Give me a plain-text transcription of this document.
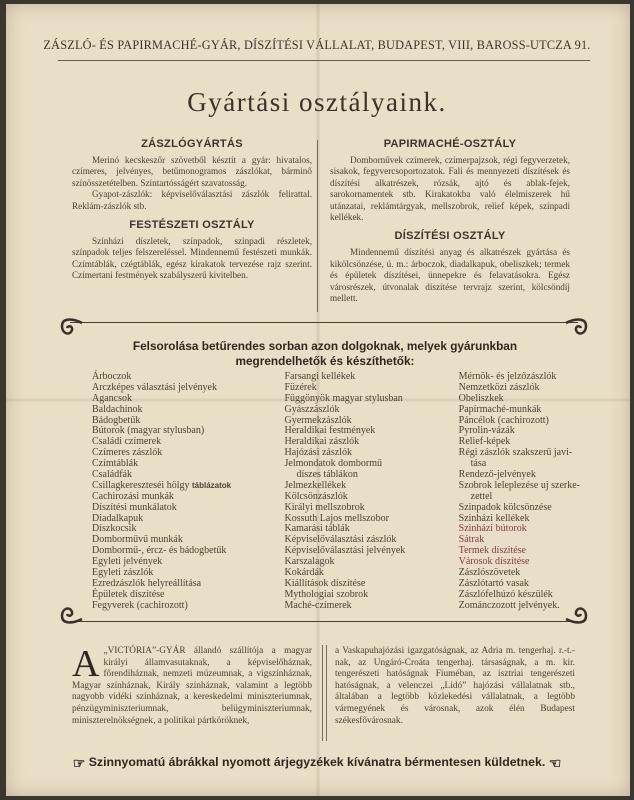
ZÁSZLÓ- ÉS PAPIRMACHÉ-GYÁR, DÍSZÍTÉSI VÁLLALAT, BUDAPEST, VIII, BAROSS-UTCZA 91.
Gyártási osztályaink.
ZÁSZLÓGYÁRTÁS

Merinó kecskeszőr szövetből késztít a gyár: hivatalos, czímeres, jelvényes, betűmonogramos zászlókat, bárminő színösszetételben. Színtartósságért szavatosság.

Gyapot-zászlók: képviselőválasztási zászlók felirattal. Reklám-zászlók stb.

FESTÉSZETI OSZTÁLY

Színházi díszletek, színpadok, színpadi részletek, színpadok teljes felszereléssel. Mindennemű festészeti munkák. Czímtáblák, czégtáblák, egész kirakatok tervezése rajz szerint. Czímertani festmények szabályszerű kivitelben.

PAPIRMACHÉ-OSZTÁLY

Dombornűvek czímerek, czímerpajzsok, régi fegyverzetek, sisakok, fegyvercsoportozatok. Fali és mennyezeti díszítések és díszítési alkatrészek, rózsák, ajtó és ablak-fejek, sarokornamentek stb. Kirakatokba való élelmiszerek hű utánzatai, reklámtárgyak, mellszobrok, relief képek, színpadi kellékek.

DÍSZÍTÉSI OSZTÁLY

Mindennemű díszítési anyag és alkatrészek gyártása és kikölcsönzése, ú. m.: árboczok, diadalkapuk, obeliszkek; termek és épületek díszítései, ünnepekre és felavatásokra. Egész városrészek, útvonalak díszítése tervrajz szerint, kölcsöndíj mellett.

Felsorolása betűrendes sorban azon dolgoknak, melyek gyárunkban
megrendelhetők és készíthetők:
Árboczok
Arczképes választási jelvények
Agancsok
Baldachinok
Bádogbetűk
Bútorok (magyar stylusban)
Családi czímerek
Czímeres zászlók
Czímtáblák
Családfák
Csillagkereszteséi hölgy táblázatok
Cachirozási munkák
Díszítési munkálatok
Diadalkapuk
Díszkocsik
Domborművű munkák
Dombormű-, ércz- és bádogbetűk
Egyleti jelvények
Egyleti zászlók
Ezredzászlók helyreállítása
Épületek díszítése
Fegyverek (cachirozott)
Farsangi kellékek
Füzérek
Függönyök magyar stylusban
Gyászzászlók
Gyermekzászlók
Heraldikai festmények
Heraldikai zászlók
Hajózási zászlók
Jelmondatok dombormű
díszes táblákon
Jelmezkellékek
Kölcsönzászlók
Királyi mellszobrok
Kossuth Lajos mellszobor
Kamarási táblák
Képviselőválasztási zászlók
Képviselőválasztási jelvények
Karszalagok
Kokárdák
Kiállítások díszítése
Mythologiai szobrok
Maché-czímerek
Mérnök- és jelzőzászlók
Nemzetközi zászlók
Obeliszkek
Papírmaché-munkák
Páncélok (cachirozott)
Pyrolin-vázák
Relief-képek
Régi zászlók szakszerű javi-
tása
Rendező-jelvények
Szobrok leleplezése uj szerke-
zettel
Szinpadok kölcsönzése
Szinházi kellékek
Szinházi bútorok
Sátrak
Termek díszítése
Városok díszítése
Zászlószövetek
Zászlótartó vasak
Zászlófelhúzó készülék
Zománczozott jelvények.
A „VICTÓRIA”-GYÁR állandó szállítója a magyar királyi államvasutaknak, a képviselőháznak, főrendiháznak, nemzeti múzeumnak, a vigszínháznak, Magyar színháznak, Király színháznak, valamint a legtöbb nagyobb vidéki színháznak, a kereskedelmi miniszteriumnak, pénzügyminiszteriumnak, belügyminiszteriumnak, miniszterelnökségnek, a politikai pártköröknek,
a Vaskapuhajózási igazgatóságnak, az Adria m. tengerhaj. r.-t.-nak, az Ungáró-Croáta tengerhaj. társaságnak, a m. kir. tengerészeti hatóságnak Fiuméban, az isztriai tengerészeti hatóságnak, a velenczei „Lidó” hajózási vállalatnak stb., általában a legtöbb közlekedési vállalatnak, a legtöbb vármegyének és városnak, azok élén Budapest székesfővárosnak.
☞ Szinnyomatú ábrákkal nyomott árjegyzékek kívánatra bérmentesen küldetnek. ☜
